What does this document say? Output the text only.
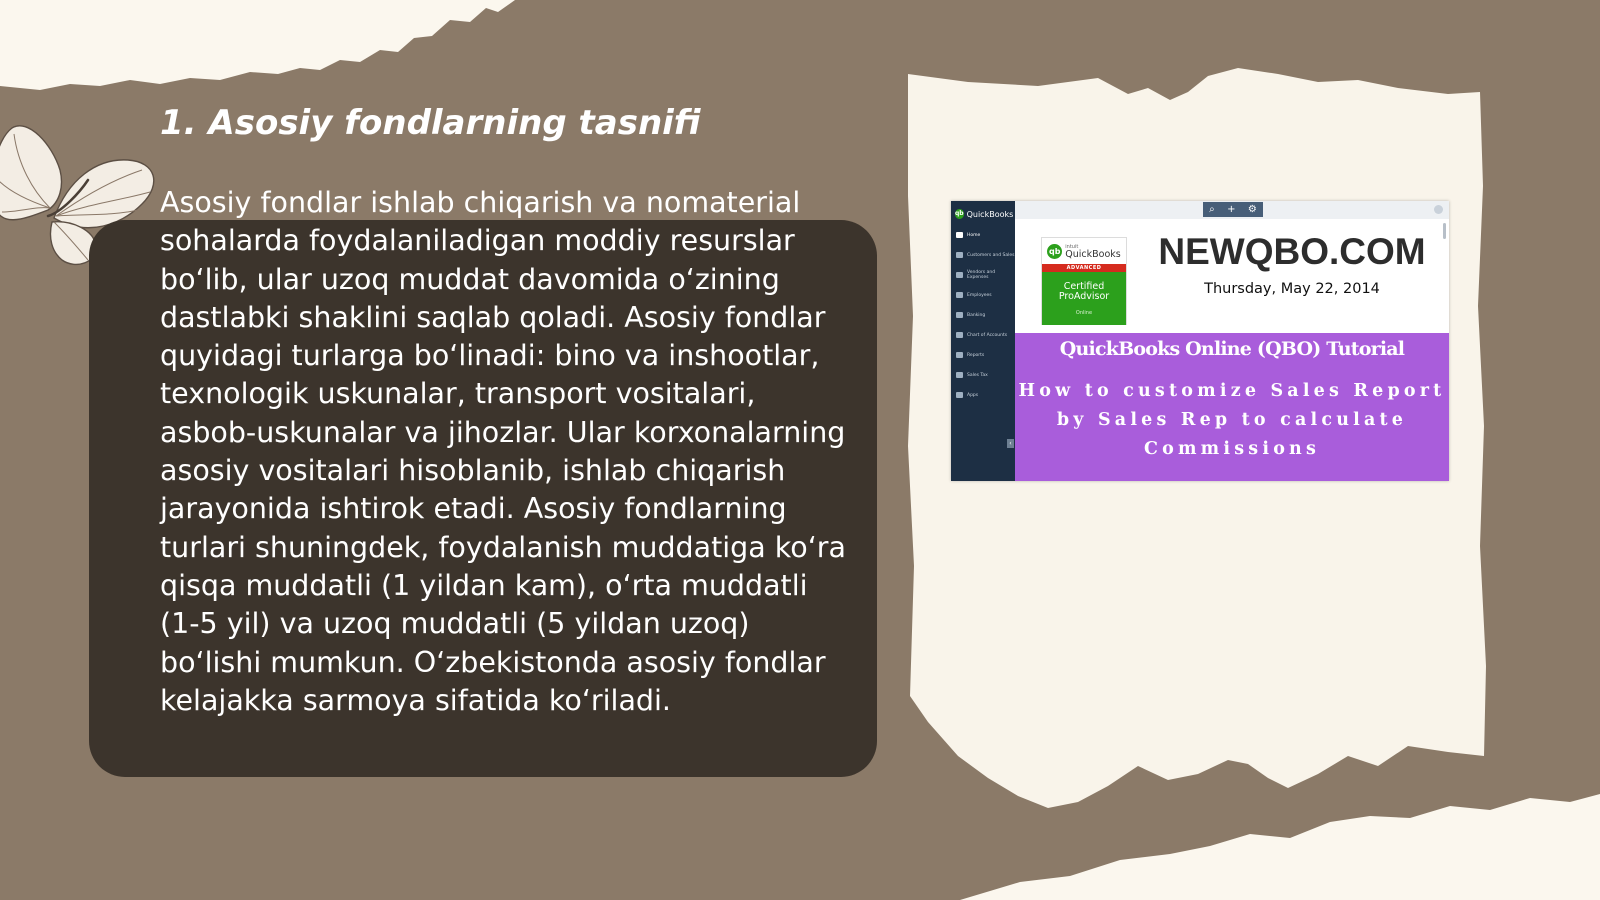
1. Asosiy fondlarning tasnifi

Asosiy fondlar ishlab chiqarish va nomaterial sohalarda foydalaniladigan moddiy resurslar bo‘lib, ular uzoq muddat davomida o‘zining dastlabki shaklini saqlab qoladi. Asosiy fondlar quyidagi turlarga bo‘linadi: bino va inshootlar, texnologik uskunalar, transport vositalari, asbob-uskunalar va jihozlar. Ular korxonalarning asosiy vositalari hisoblanib, ishlab chiqarish jarayonida ishtirok etadi. Asosiy fondlarning turlari shuningdek, foydalanish muddatiga ko‘ra qisqa muddatli (1 yildan kam), o‘rta muddatli (1-5 yil) va uzoq muddatli (5 yildan uzoq) bo‘lishi mumkun. O‘zbekistonda asosiy fondlar kelajakka sarmoya sifatida ko‘riladi.

qb QuickBooks
Home
Customers and Sales
Vendors and Expenses
Employees
Banking
Chart of Accounts
Reports
Sales Tax
Apps
‹
⌕ + ⚙
qb intuit
QuickBooks
ADVANCED
Certified
ProAdvisor
Online
NEWQBO.COM
Thursday, May 22, 2014
QuickBooks Online (QBO) Tutorial

How to customize Sales Report by Sales Rep to calculate Commissions
